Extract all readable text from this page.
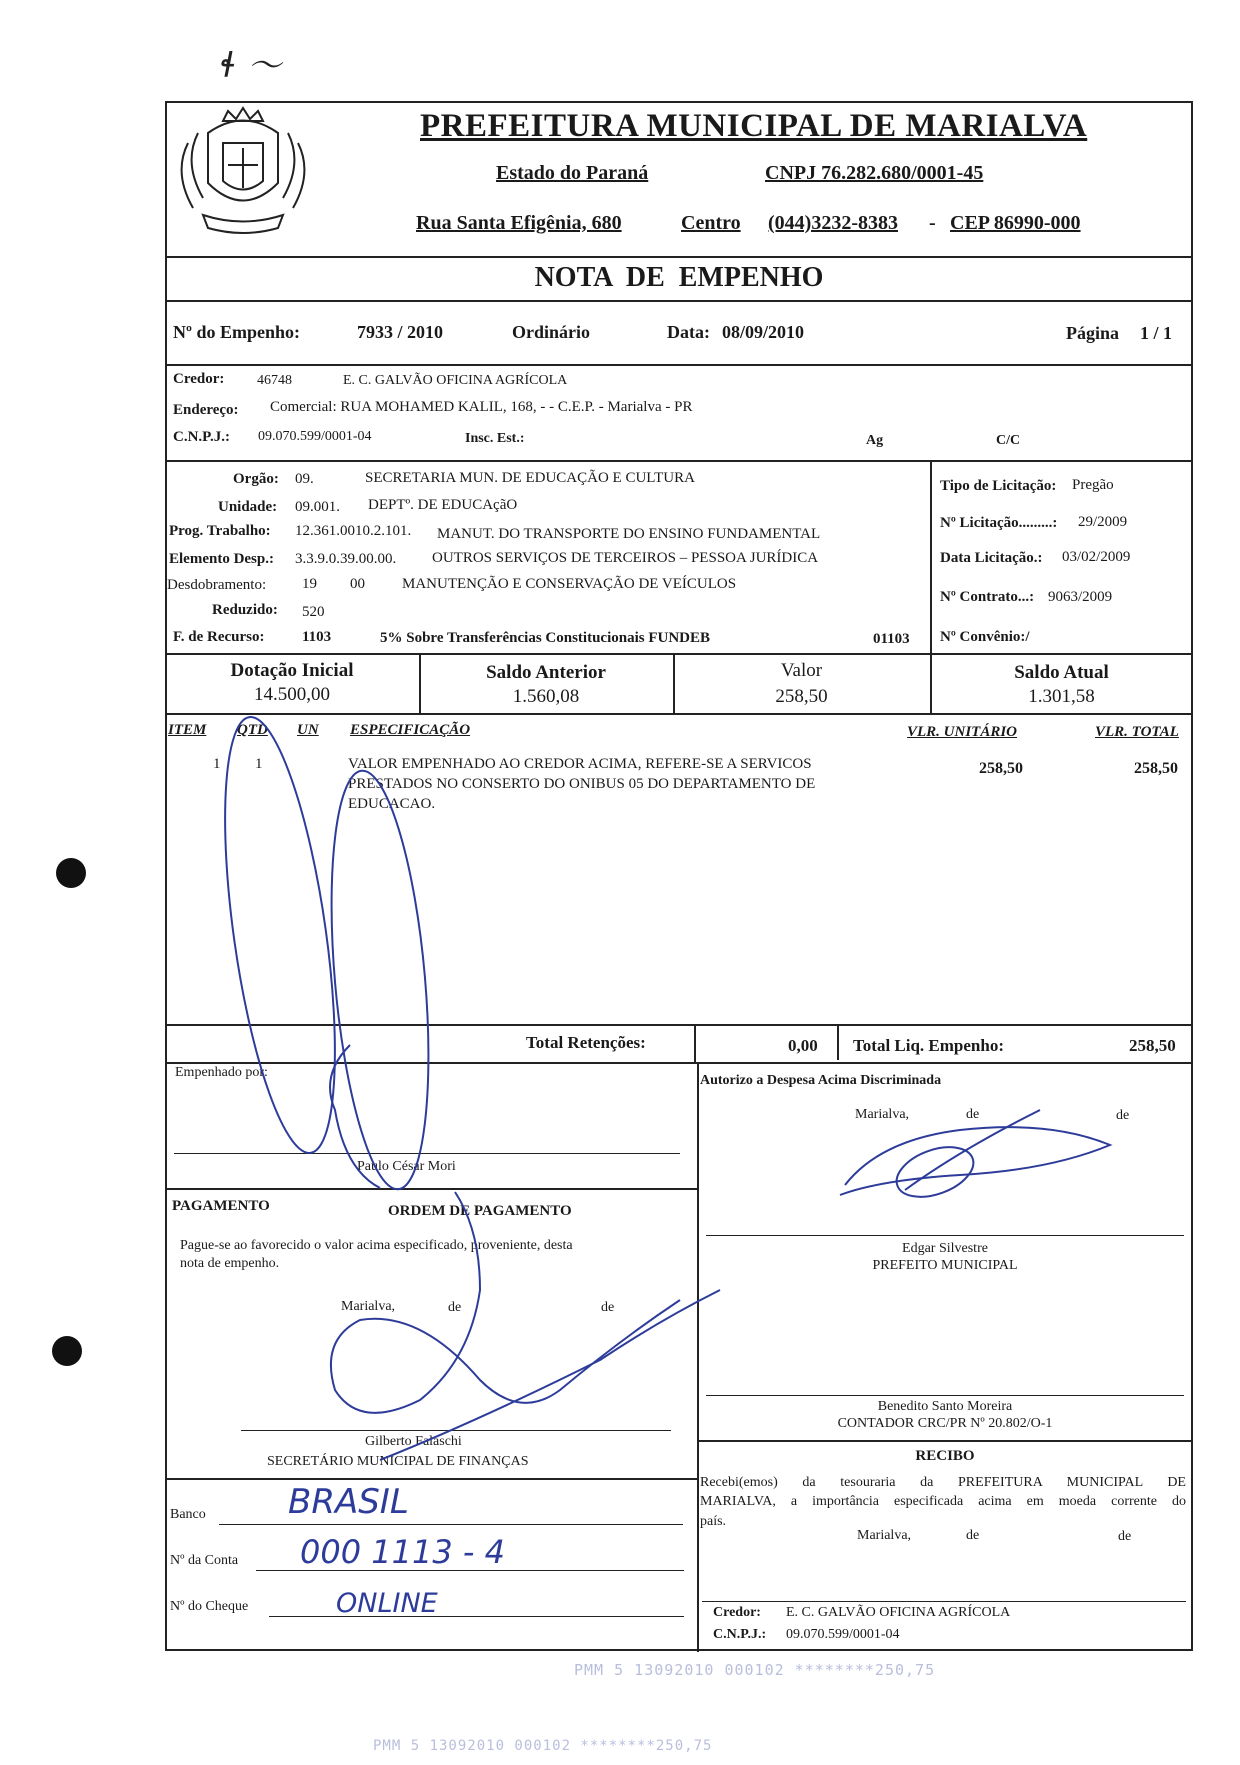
ɬ ～
PREFEITURA MUNICIPAL DE MARIALVA
Estado do Paraná	CNPJ 76.282.680/0001-45
Rua Santa Efigênia, 680	Centro (044)3232-8383 - CEP 86990-000
NOTA  DE  EMPENHO
Nº do Empenho:	7933 / 2010	Ordinário	Data: 08/09/2010	Página 1 / 1
Credor: 46748	E. C. GALVÃO OFICINA AGRÍCOLA
Endereço: Comercial: RUA MOHAMED KALIL, 168, - - C.E.P. - Marialva - PR
C.N.P.J.: 09.070.599/0001-04	Insc. Est.:	Ag	C/C
Orgão: 09.	SECRETARIA MUN. DE EDUCAÇÃO E CULTURA
Unidade: 09.001. DEPTº. DE EDUCAçãO
Prog. Trabalho: 12.361.0010.2.101. MANUT. DO TRANSPORTE DO ENSINO FUNDAMENTAL
Elemento Desp.: 3.3.9.0.39.00.00. OUTROS SERVIÇOS DE TERCEIROS – PESSOA JURÍDICA
Desdobramento: 19 00 MANUTENÇÃO E CONSERVAÇÃO DE VEÍCULOS
Reduzido: 520
F. de Recurso: 1103	5% Sobre Transferências Constitucionais FUNDEB	01103
Tipo de Licitação: Pregão
Nº Licitação.........: 29/2009
Data Licitação.: 03/02/2009
Nº Contrato...: 9063/2009
Nº Convênio:/
Dotação Inicial
14.500,00
Saldo Anterior
1.560,08
Valor
258,50
Saldo Atual
1.301,58
ITEM QTD UN ESPECIFICAÇÃO	VLR. UNITÁRIO	VLR. TOTAL
1 1	VALOR EMPENHADO AO CREDOR ACIMA, REFERE-SE A SERVICOS
PRESTADOS NO CONSERTO DO ONIBUS 05 DO DEPARTAMENTO DE
EDUCACAO.
258,50	258,50
Total Retenções:	0,00 Total Liq. Empenho:	258,50
Empenhado por:
Paulo César Mori
Autorizo a Despesa Acima Discriminada
Marialva,	de	de
Edgar Silvestre
PREFEITO MUNICIPAL
PAGAMENTO	ORDEM DE PAGAMENTO
Pague-se ao favorecido o valor acima especificado, proveniente, desta
nota de empenho.
Marialva,	de	de
Gilberto Falaschi
SECRETÁRIO MUNICIPAL DE FINANÇAS
Benedito Santo Moreira
CONTADOR CRC/PR Nº 20.802/O-1
RECIBO
Recebi(emos) da tesouraria da PREFEITURA MUNICIPAL DE
MARIALVA, a importância especificada acima em moeda corrente do
país.
Marialva,	de	de
Credor: E. C. GALVÃO OFICINA AGRÍCOLA
C.N.P.J.: 09.070.599/0001-04
Banco BRASIL
Nº da Conta 000 1113 - 4
Nº do Cheque	ONLINE
PMM 5 13092010 000102 ********250,75
PMM 5 13092010 000102 ********250,75
